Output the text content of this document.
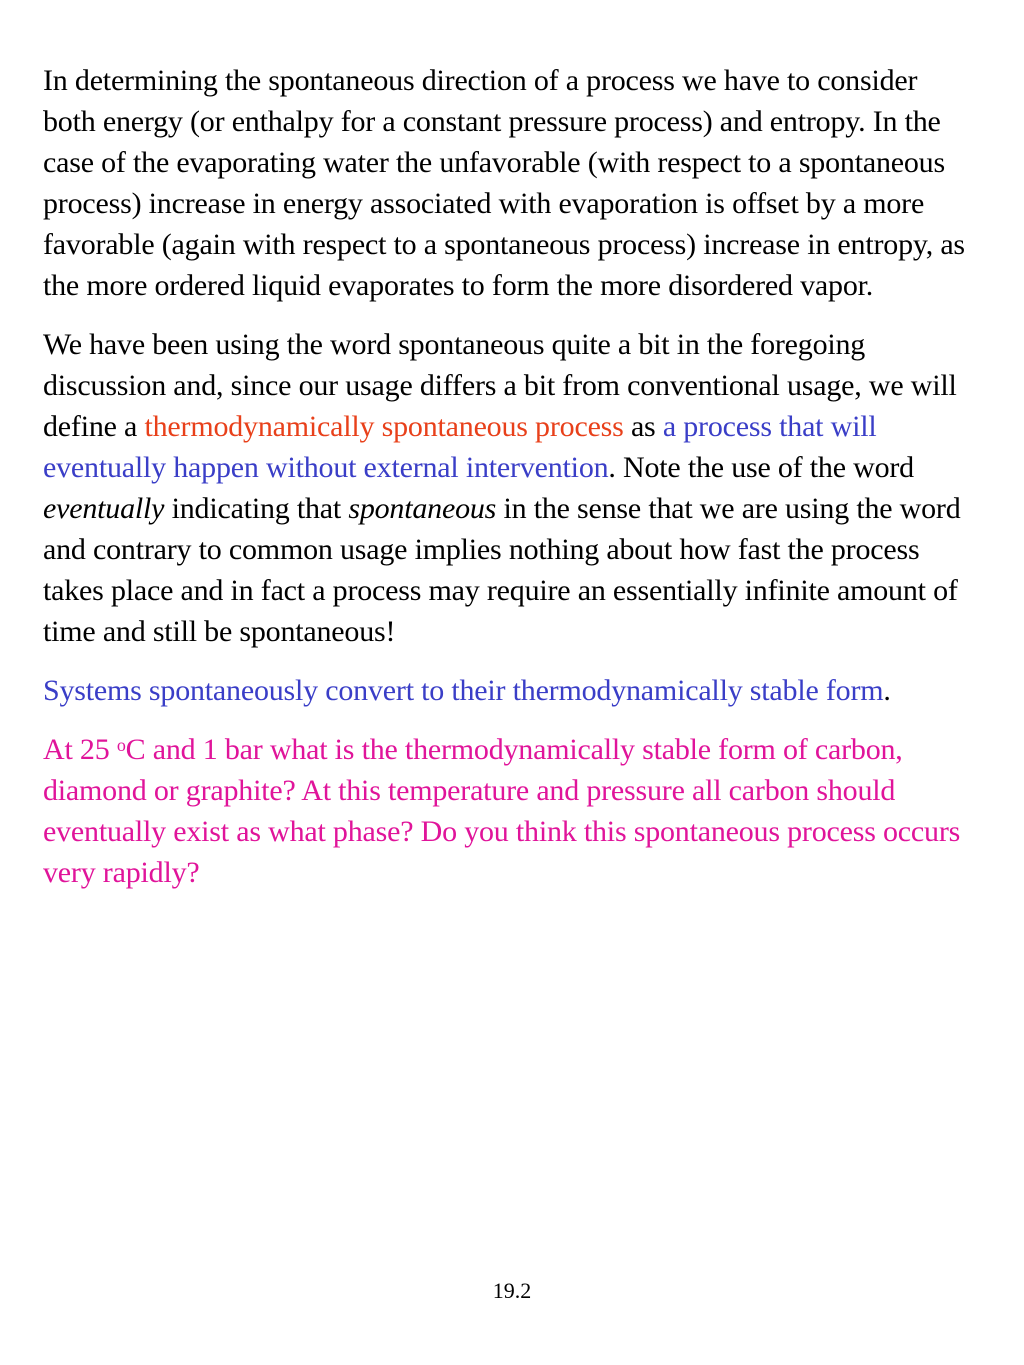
In determining the spontaneous direction of a process we have to consider both energy (or enthalpy for a constant pressure process) and entropy. In the case of the evaporating water the unfavorable (with respect to a spontaneous process) increase in energy associated with evaporation is offset by a more favorable (again with respect to a spontaneous process) increase in entropy, as the more ordered liquid evaporates to form the more disordered vapor.

We have been using the word spontaneous quite a bit in the foregoing discussion and, since our usage differs a bit from conventional usage, we will define a thermodynamically spontaneous process as a process that will eventually happen without external intervention. Note the use of the word eventually indicating that spontaneous in the sense that we are using the word and contrary to common usage implies nothing about how fast the process takes place and in fact a process may require an essentially infinite amount of time and still be spontaneous!

Systems spontaneously convert to their thermodynamically stable form.

At 25 $^o$C and 1 bar what is the thermodynamically stable form of carbon, diamond or graphite? At this temperature and pressure all carbon should eventually exist as what phase? Do you think this spontaneous process occurs very rapidly?

19.2
